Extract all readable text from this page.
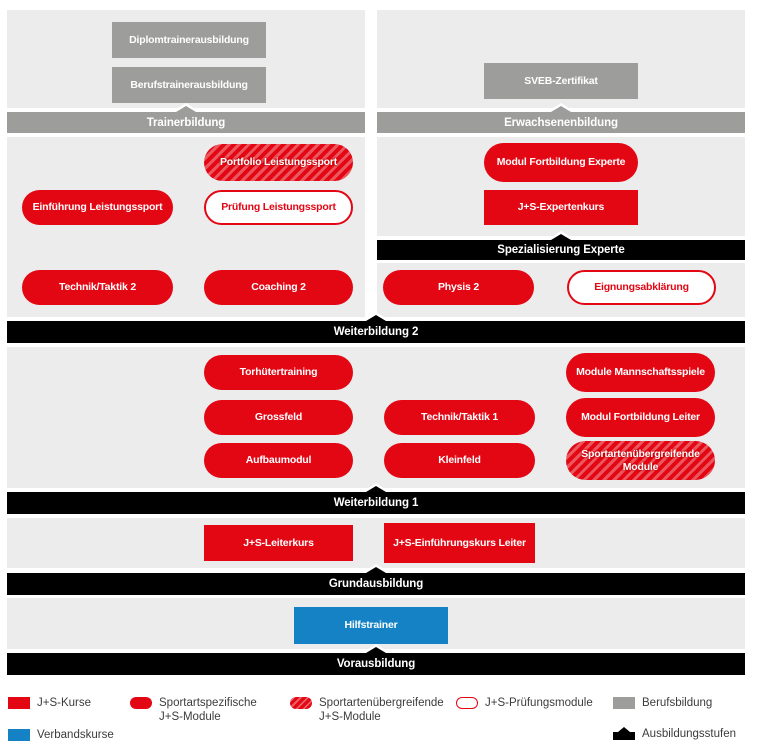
Diplomtrainerausbildung
Berufstrainerausbildung
Trainerbildung
SVEB-Zertifikat
Erwachsenenbildung
Portfolio Leistungssport
Einführung Leistungssport	Prüfung Leistungssport
Technik/Taktik 2	Coaching 2
Modul Fortbildung Experte
J+S-Expertenkurs
Spezialisierung Experte
Physis 2	Eignungsabklärung
Weiterbildung 2
Torhütertraining
Grossfeld
Aufbaumodul
Technik/Taktik 1
Kleinfeld
Module Mannschaftsspiele
Modul Fortbildung Leiter
Sportartenübergreifende Module
Weiterbildung 1
J+S-Leiterkurs	J+S-Einführungskurs Leiter
Grundausbildung
Hilfstrainer
Vorausbildung
J+S-Kurse	Sportartspezifische J+S-Module
Sportartenübergreifende J+S-Module
J+S-Prüfungsmodule	Berufsbildung
Verbandskurse	Ausbildungsstufen
